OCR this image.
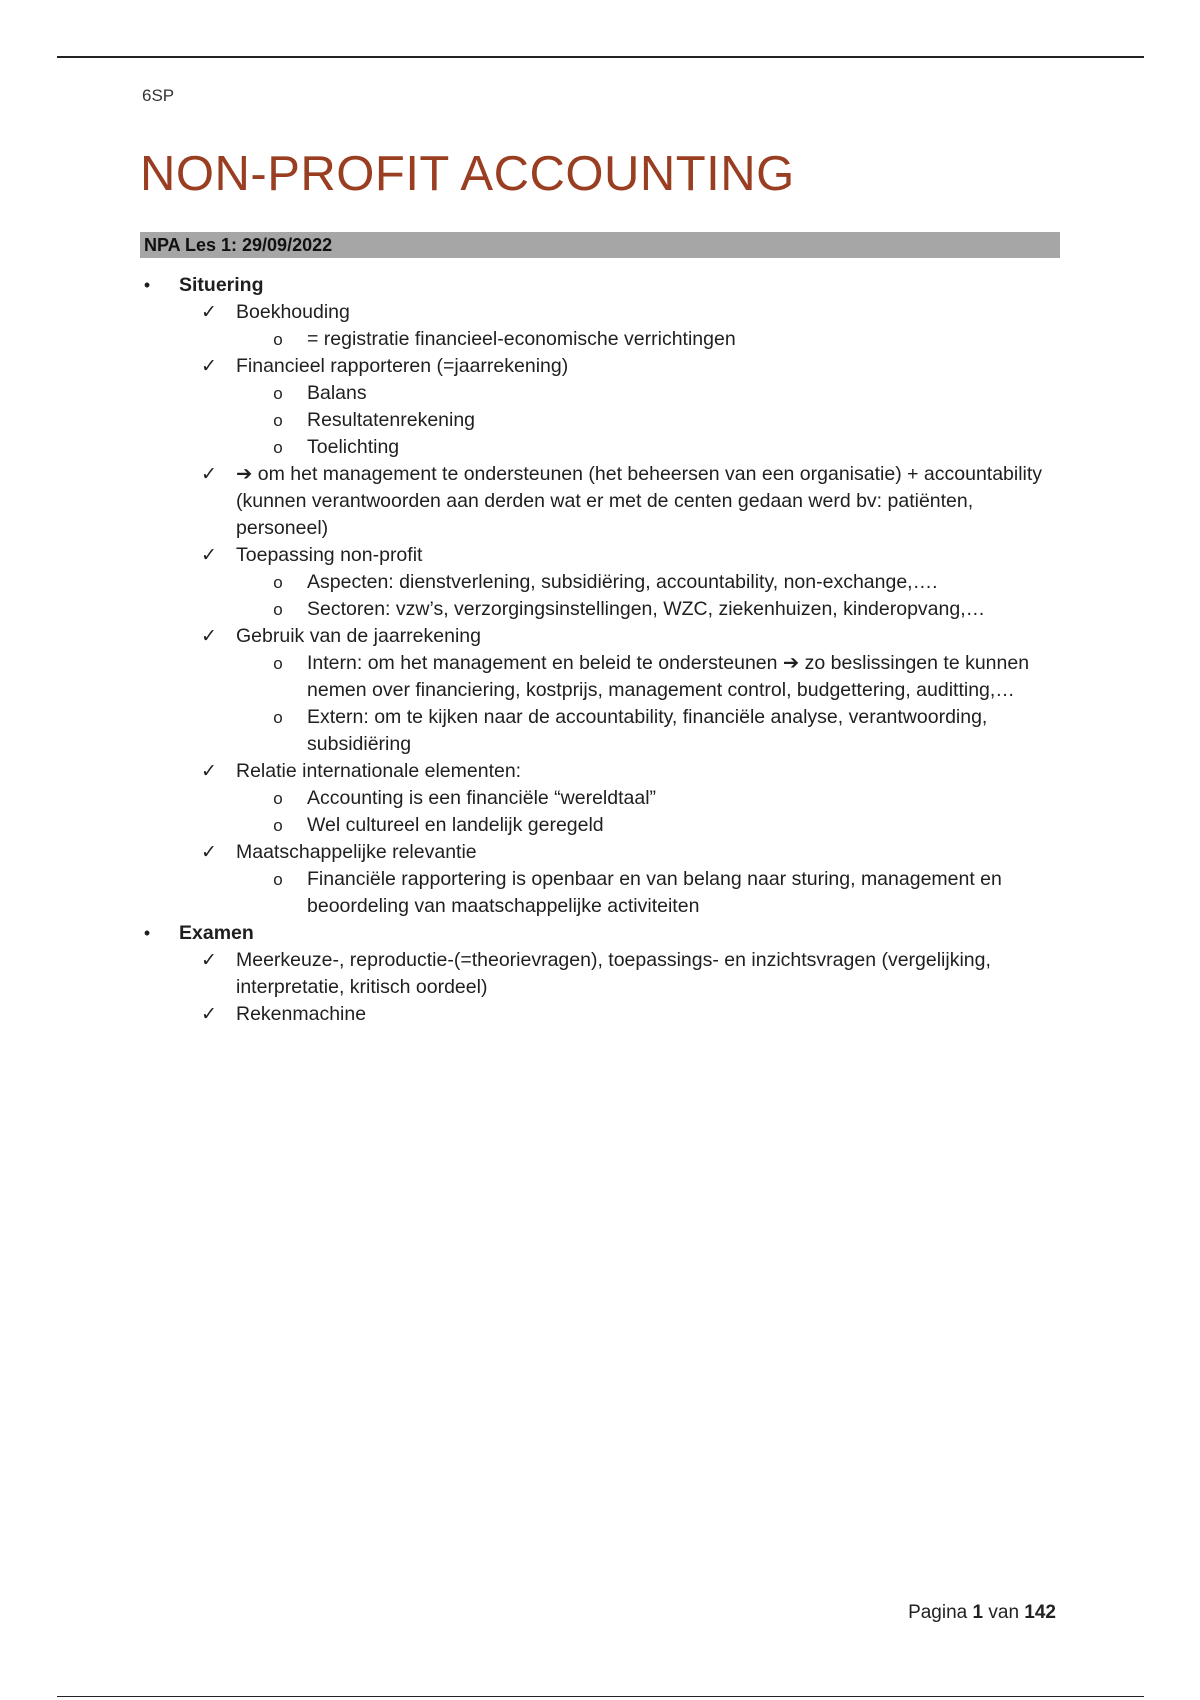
6SP
NON-PROFIT ACCOUNTING
NPA Les 1: 29/09/2022
• Situering
✓ Boekhouding
o = registratie financieel-economische verrichtingen
✓ Financieel rapporteren (=jaarrekening)
o Balans
o Resultatenrekening
o Toelichting
✓ ➔ om het management te ondersteunen (het beheersen van een organisatie) + accountability (kunnen verantwoorden aan derden wat er met de centen gedaan werd bv: patiënten, personeel)
✓ Toepassing non-profit
o Aspecten: dienstverlening, subsidiëring, accountability, non-exchange,….
o Sectoren: vzw’s, verzorgingsinstellingen, WZC, ziekenhuizen, kinderopvang,…
✓ Gebruik van de jaarrekening
o Intern: om het management en beleid te ondersteunen ➔ zo beslissingen te kunnen nemen over financiering, kostprijs, management control, budgettering, auditting,…
o Extern: om te kijken naar de accountability, financiële analyse, verantwoording, subsidiëring
✓ Relatie internationale elementen:
o Accounting is een financiële “wereldtaal”
o Wel cultureel en landelijk geregeld
✓ Maatschappelijke relevantie
o Financiële rapportering is openbaar en van belang naar sturing, management en beoordeling van maatschappelijke activiteiten
• Examen
✓ Meerkeuze-, reproductie-(=theorievragen), toepassings- en inzichtsvragen (vergelijking, interpretatie, kritisch oordeel)
✓ Rekenmachine
Pagina 1 van 142
